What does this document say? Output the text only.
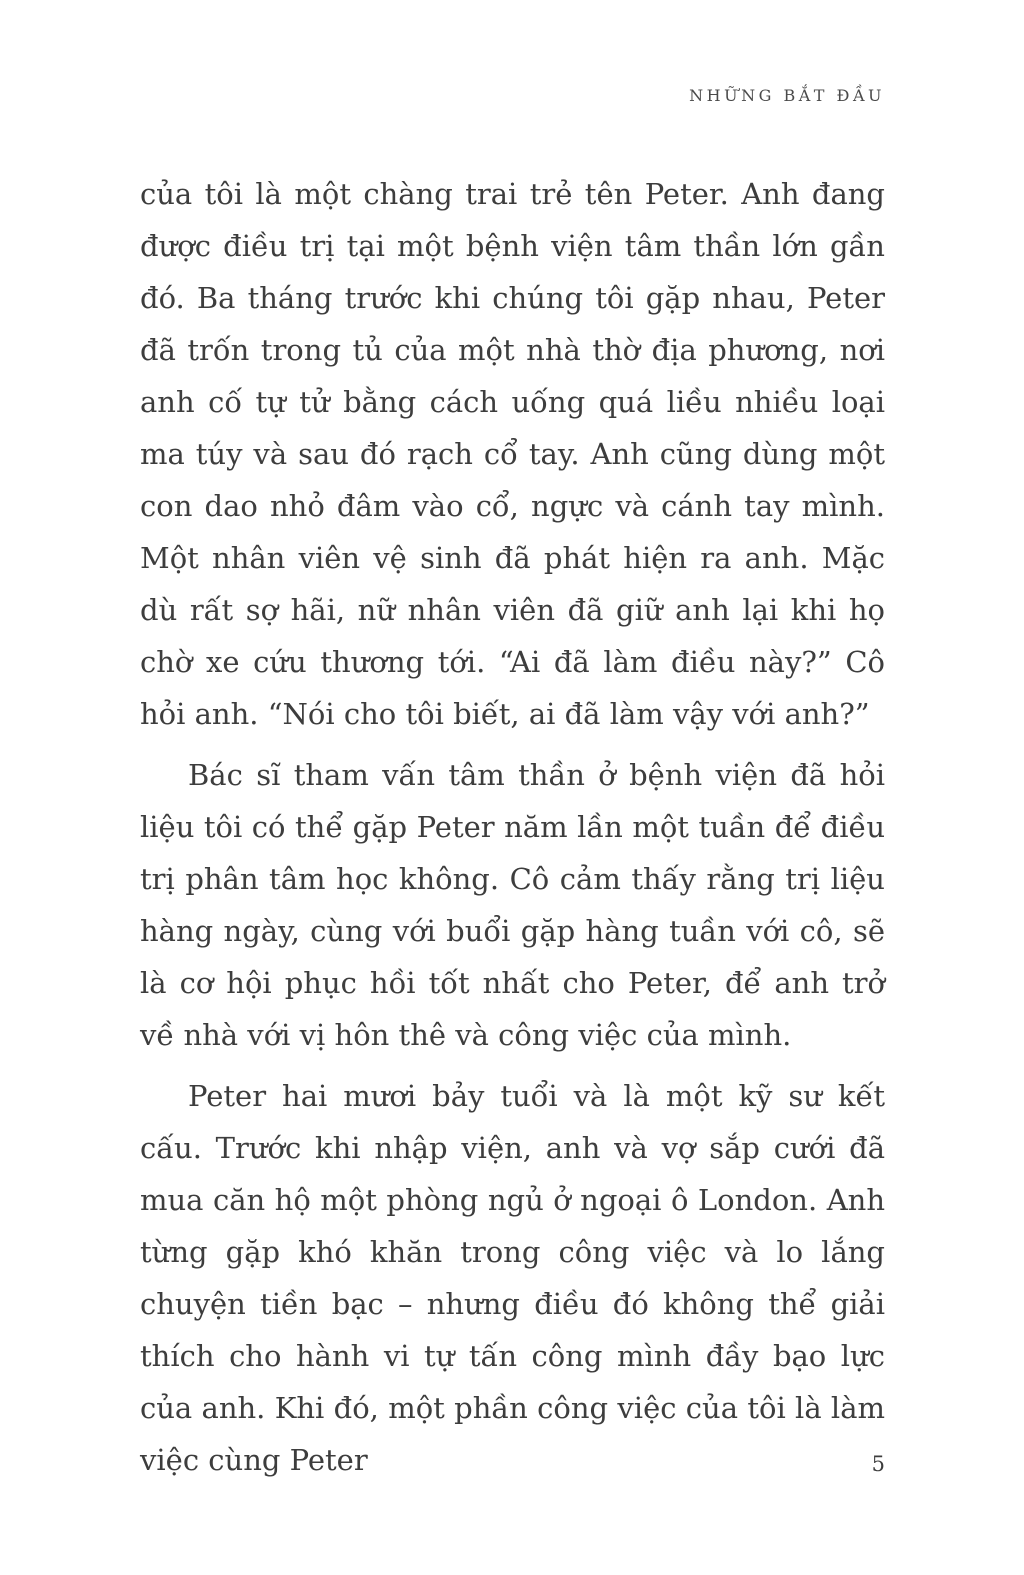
NHỮNG BẮT ĐẦU

của tôi là một chàng trai trẻ tên Peter. Anh đang được điều trị tại một bệnh viện tâm thần lớn gần đó. Ba tháng trước khi chúng tôi gặp nhau, Peter đã trốn trong tủ của một nhà thờ địa phương, nơi anh cố tự tử bằng cách uống quá liều nhiều loại ma túy và sau đó rạch cổ tay. Anh cũng dùng một con dao nhỏ đâm vào cổ, ngực và cánh tay mình. Một nhân viên vệ sinh đã phát hiện ra anh. Mặc dù rất sợ hãi, nữ nhân viên đã giữ anh lại khi họ chờ xe cứu thương tới. “Ai đã làm điều này?” Cô hỏi anh. “Nói cho tôi biết, ai đã làm vậy với anh?”

Bác sĩ tham vấn tâm thần ở bệnh viện đã hỏi liệu tôi có thể gặp Peter năm lần một tuần để điều trị phân tâm học không. Cô cảm thấy rằng trị liệu hàng ngày, cùng với buổi gặp hàng tuần với cô, sẽ là cơ hội phục hồi tốt nhất cho Peter, để anh trở về nhà với vị hôn thê và công việc của mình.

Peter hai mươi bảy tuổi và là một kỹ sư kết cấu. Trước khi nhập viện, anh và vợ sắp cưới đã mua căn hộ một phòng ngủ ở ngoại ô London. Anh từng gặp khó khăn trong công việc và lo lắng chuyện tiền bạc – nhưng điều đó không thể giải thích cho hành vi tự tấn công mình đầy bạo lực của anh. Khi đó, một phần công việc của tôi là làm việc cùng Peter	5
